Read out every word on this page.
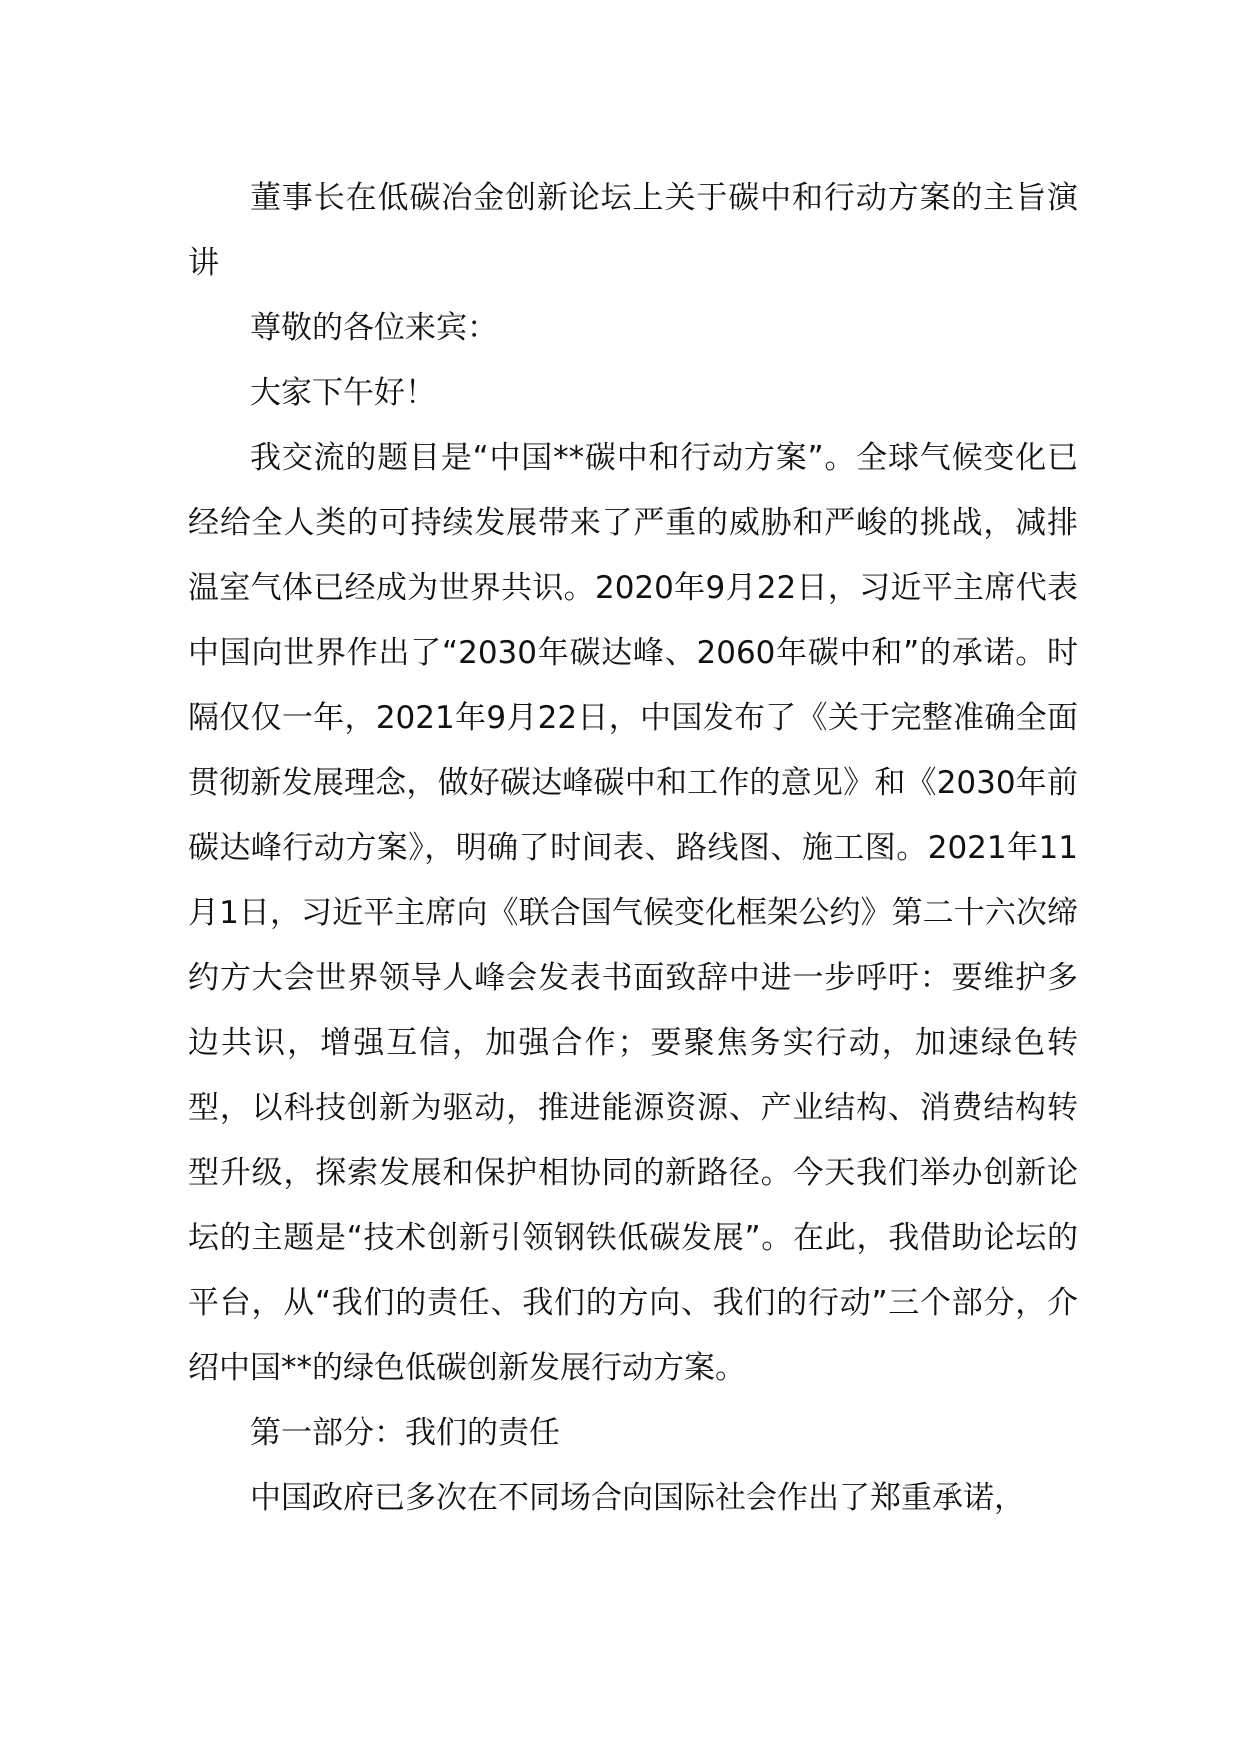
董事长在低碳冶金创新论坛上关于碳中和行动方案的主旨演讲

尊敬的各位来宾：

大家下午好！

我交流的题目是“中国**碳中和行动方案”。全球气候变化已经给全人类的可持续发展带来了严重的威胁和严峻的挑战，减排温室气体已经成为世界共识。2020年9月22日，习近平主席代表中国向世界作出了“2030年碳达峰、2060年碳中和”的承诺。时隔仅仅一年，2021年9月22日，中国发布了《关于完整准确全面贯彻新发展理念，做好碳达峰碳中和工作的意见》和《2030年前碳达峰行动方案》，明确了时间表、路线图、施工图。2021年11月1日，习近平主席向《联合国气候变化框架公约》第二十六次缔约方大会世界领导人峰会发表书面致辞中进一步呼吁：要维护多边共识，增强互信，加强合作；要聚焦务实行动，加速绿色转型，以科技创新为驱动，推进能源资源、产业结构、消费结构转型升级，探索发展和保护相协同的新路径。今天我们举办创新论坛的主题是“技术创新引领钢铁低碳发展”。在此，我借助论坛的平台，从“我们的责任、我们的方向、我们的行动”三个部分，介绍中国**的绿色低碳创新发展行动方案。

第一部分：我们的责任

中国政府已多次在不同场合向国际社会作出了郑重承诺，
